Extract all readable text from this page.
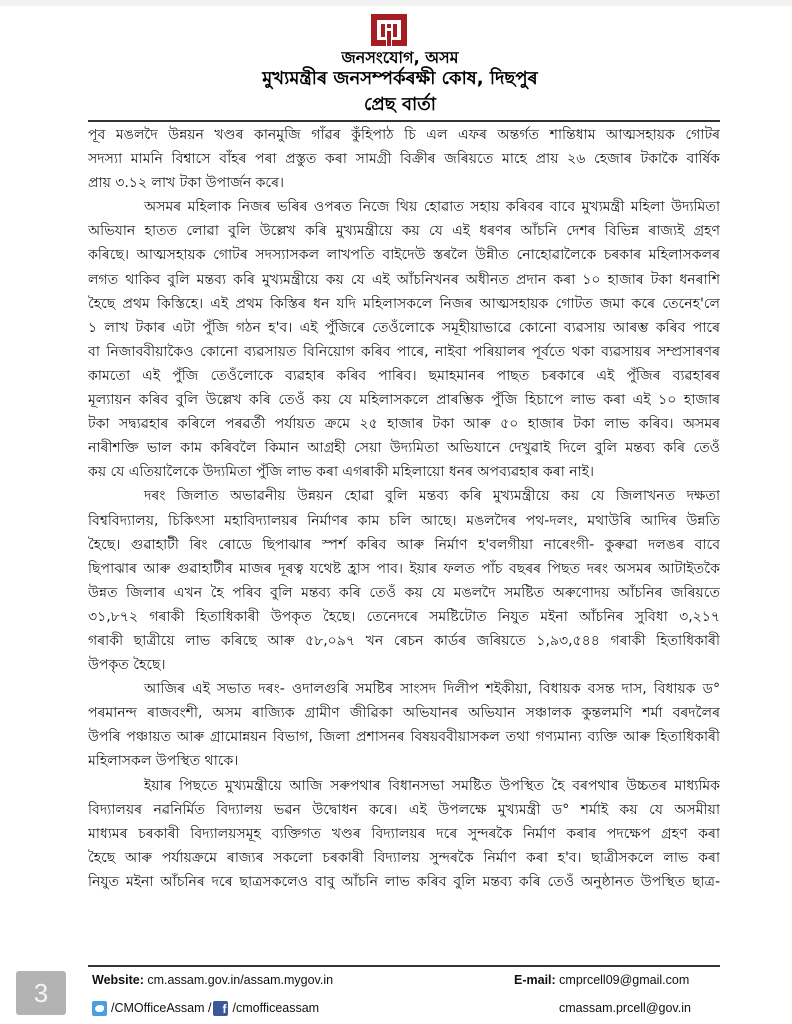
জনসংযোগ, অসম
মুখ্যমন্ত্ৰীৰ জনসম্পৰ্কৰক্ষী কোষ, দিছপুৰ
প্ৰেছ বাৰ্তা
পূব মঙলদৈ উন্নয়ন খণ্ডৰ কানমুজি গাঁৱৰ কুঁহিপাঠ চি এল এফৰ অন্তৰ্গত শান্তিধাম আত্মসহায়ক গোটৰ
সদস্যা মামনি বিশ্বাসে বাঁহৰ পৰা প্ৰস্তুত কৰা সামগ্ৰী বিক্ৰীৰ জৰিয়তে মাহে প্ৰায় ২৬ হেজাৰ টকাকৈ বাৰ্ষিক
প্ৰায় ৩.১২ লাখ টকা উপাৰ্জন কৰে।
অসমৰ মহিলাক নিজৰ ভৰিৰ ওপৰত নিজে থিয় হোৱাত সহায় কৰিবৰ বাবে মুখ্যমন্ত্ৰী মহিলা উদ্যমিতা
অভিযান হাতত লোৱা বুলি উল্লেখ কৰি মুখ্যমন্ত্ৰীয়ে কয় যে এই ধৰণৰ আঁচনি দেশৰ বিভিন্ন ৰাজ্যই গ্ৰহণ
কৰিছে। আত্মসহায়ক গোটৰ সদস্যাসকল লাখপতি বাইদেউ স্তৰলৈ উন্নীত নোহোৱালৈকে চৰকাৰ মহিলাসকলৰ
লগত থাকিব বুলি মন্তব্য কৰি মুখ্যমন্ত্ৰীয়ে কয় যে এই আঁচনিখনৰ অধীনত প্ৰদান কৰা ১০ হাজাৰ টকা ধনৰাশি
হৈছে প্ৰথম কিস্তিহে। এই প্ৰথম কিস্তিৰ ধন যদি মহিলাসকলে নিজৰ আত্মসহায়ক গোটত জমা কৰে তেনেহ'লে
১ লাখ টকাৰ এটা পুঁজি গঠন হ'ব। এই পুঁজিৰে তেওঁলোকে সমূহীয়াভাৱে কোনো ব্যৱসায় আৰম্ভ কৰিব পাৰে
বা নিজাববীয়াকৈও কোনো ব্যৱসায়ত বিনিয়োগ কৰিব পাৰে, নাইবা পৰিয়ালৰ পূৰ্বতে থকা ব্যৱসায়ৰ সম্প্ৰসাৰণৰ
কামতো এই পুঁজি তেওঁলোকে ব্যৱহাৰ কৰিব পাৰিব। ছমাহমানৰ পাছত চৰকাৰে এই পুঁজিৰ ব্যৱহাৰৰ
মূল্যায়ন কৰিব বুলি উল্লেখ কৰি তেওঁ কয় যে মহিলাসকলে প্ৰাৰম্ভিক পুঁজি হিচাপে লাভ কৰা এই ১০ হাজাৰ
টকা সদ্ব্যৱহাৰ কৰিলে পৰৱৰ্তী পৰ্যায়ত ক্ৰমে ২৫ হাজাৰ টকা আৰু ৫০ হাজাৰ টকা লাভ কৰিব। অসমৰ
নাৰীশক্তি ভাল কাম কৰিবলৈ কিমান আগ্ৰহী সেয়া উদ্যমিতা অভিযানে দেখুৱাই দিলে বুলি মন্তব্য কৰি তেওঁ
কয় যে এতিয়ালৈকে উদ্যমিতা পুঁজি লাভ কৰা এগৰাকী মহিলায়ো ধনৰ অপব্যৱহাৰ কৰা নাই।
দৰং জিলাত অভাৱনীয় উন্নয়ন হোৱা বুলি মন্তব্য কৰি মুখ্যমন্ত্ৰীয়ে কয় যে জিলাখনত দক্ষতা
বিশ্ববিদ্যালয়, চিকিৎসা মহাবিদ্যালয়ৰ নিৰ্মাণৰ কাম চলি আছে। মঙলদৈৰ পথ-দলং, মথাউৰি আদিৰ উন্নতি
হৈছে। গুৱাহাটী ৰিং ৰোডে ছিপাঝাৰ স্পৰ্শ কৰিব আৰু নিৰ্মাণ হ'বলগীয়া নাৰেংগী- কুৰুৱা দলঙৰ বাবে
ছিপাঝাৰ আৰু গুৱাহাটীৰ মাজৰ দূৰত্ব যথেষ্ট হ্ৰাস পাব। ইয়াৰ ফলত পাঁচ বছৰৰ পিছত দৰং অসমৰ আটাইতকৈ
উন্নত জিলাৰ এখন হৈ পৰিব বুলি মন্তব্য কৰি তেওঁ কয় যে মঙলদৈ সমষ্টিত অৰুণোদয় আঁচনিৰ জৰিয়তে
৩১,৮৭২ গৰাকী হিতাধিকাৰী উপকৃত হৈছে। তেনেদৰে সমষ্টিটোত নিযুত মইনা আঁচনিৰ সুবিধা ৩,২১৭
গৰাকী ছাত্ৰীয়ে লাভ কৰিছে আৰু ৫৮,০৯৭ খন ৰেচন কাৰ্ডৰ জৰিয়তে ১,৯৩,৫৪৪ গৰাকী হিতাধিকাৰী
উপকৃত হৈছে।
আজিৰ এই সভাত দৰং- ওদালগুৰি সমষ্টিৰ সাংসদ দিলীপ শইকীয়া, বিধায়ক বসন্ত দাস, বিধায়ক ড°
পৰমানন্দ ৰাজবংশী, অসম ৰাজ্যিক গ্ৰামীণ জীৱিকা অভিযানৰ অভিযান সঞ্চালক কুন্তলমণি শৰ্মা বৰদলৈৰ
উপৰি পঞ্চায়ত আৰু গ্ৰামোন্নয়ন বিভাগ, জিলা প্ৰশাসনৰ বিষয়ববীয়াসকল তথা গণ্যমান্য ব্যক্তি আৰু হিতাধিকাৰী
মহিলাসকল উপস্থিত থাকে।
ইয়াৰ পিছতে মুখ্যমন্ত্ৰীয়ে আজি সৰুপথাৰ বিধানসভা সমষ্টিত উপস্থিত হৈ বৰপথাৰ উচ্চতৰ মাধ্যমিক
বিদ্যালয়ৰ নৱনিৰ্মিত বিদ্যালয় ভৱন উদ্বোধন কৰে। এই উপলক্ষে মুখ্যমন্ত্ৰী ড° শৰ্মাই কয় যে অসমীয়া
মাধ্যমৰ চৰকাৰী বিদ্যালয়সমূহ ব্যক্তিগত খণ্ডৰ বিদ্যালয়ৰ দৰে সুন্দৰকৈ নিৰ্মাণ কৰাৰ পদক্ষেপ গ্ৰহণ কৰা
হৈছে আৰু পৰ্যায়ক্ৰমে ৰাজ্যৰ সকলো চৰকাৰী বিদ্যালয় সুন্দৰকৈ নিৰ্মাণ কৰা হ'ব। ছাত্ৰীসকলে লাভ কৰা
নিযুত মইনা আঁচনিৰ দৰে ছাত্ৰসকলেও বাবু আঁচনি লাভ কৰিব বুলি মন্তব্য কৰি তেওঁ অনুষ্ঠানত উপস্থিত ছাত্ৰ-
3	Website: cm.assam.gov.in/assam.mygov.in
/CMOfficeAssam / f /cmofficeassam
E-mail: cmprcell09@gmail.com
cmassam.prcell@gov.in
